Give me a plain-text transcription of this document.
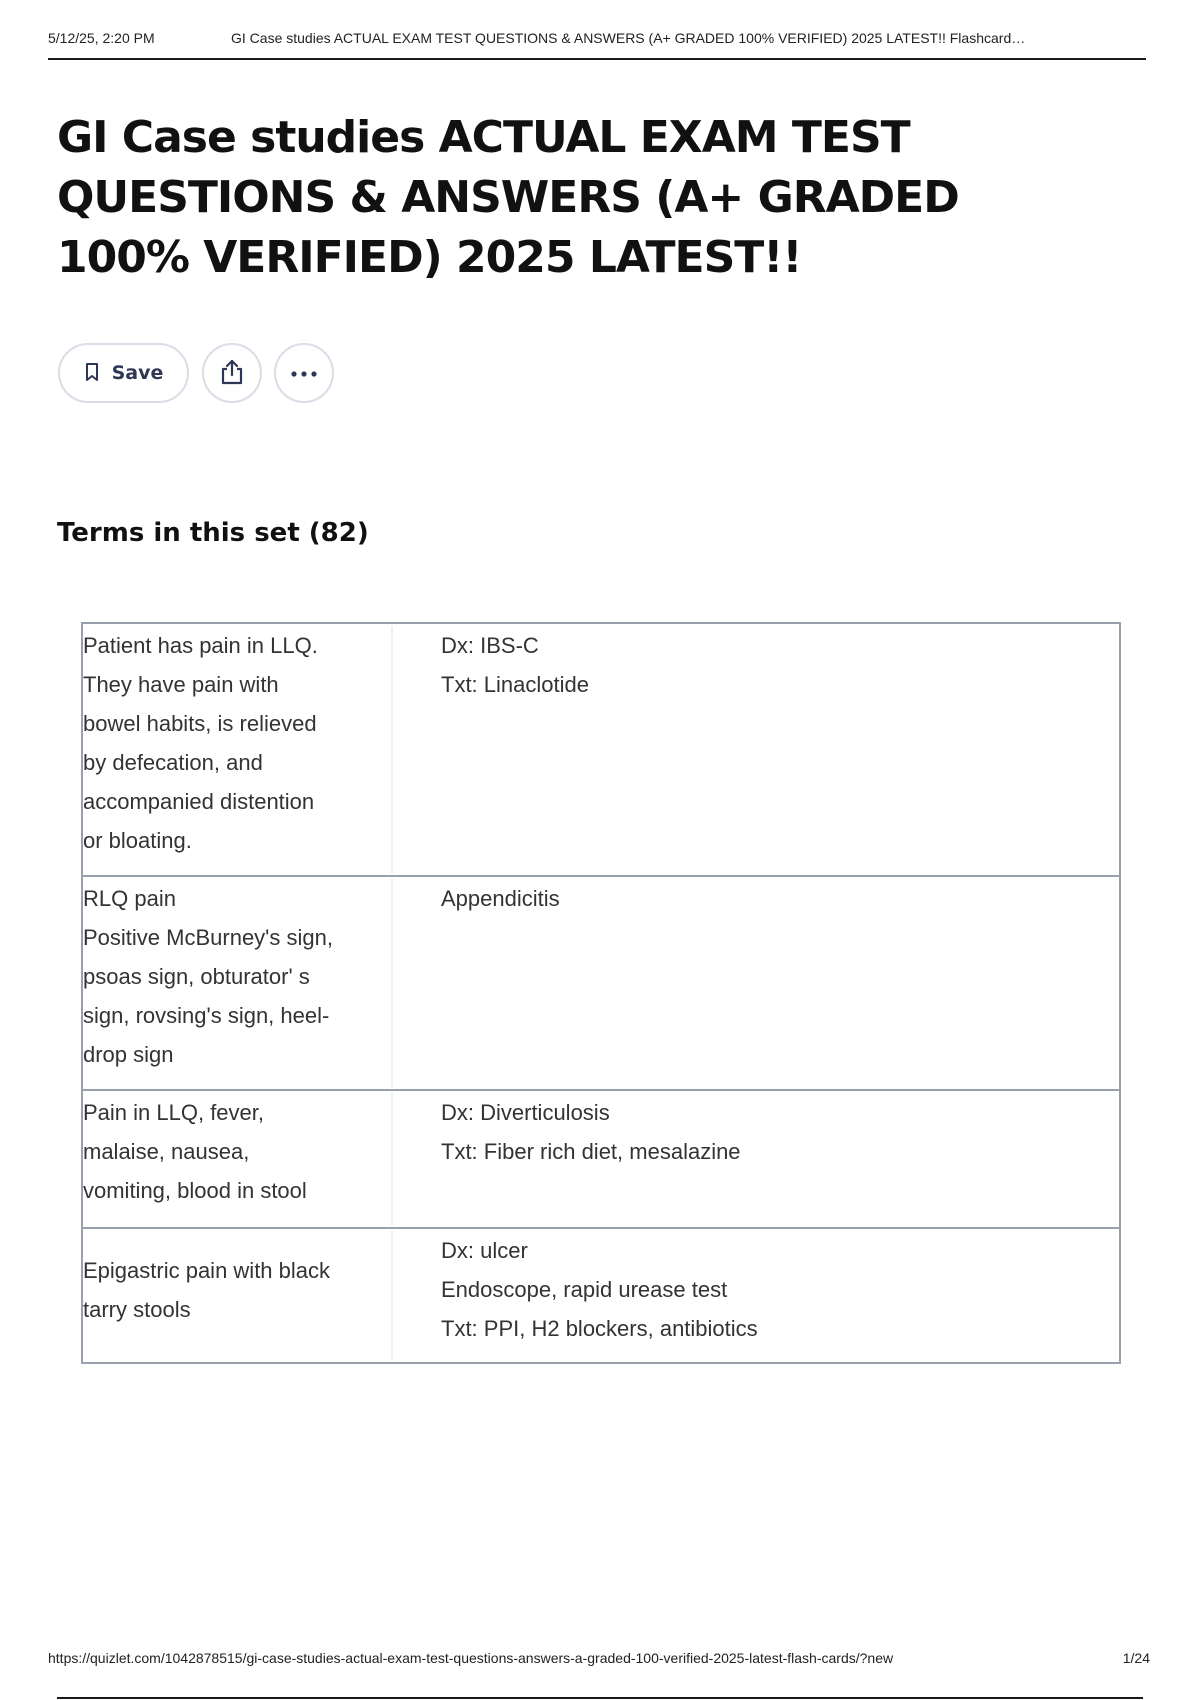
5/12/25, 2:20 PM	GI Case studies ACTUAL EXAM TEST QUESTIONS & ANSWERS (A+ GRADED 100% VERIFIED) 2025 LATEST!! Flashcard…
GI Case studies ACTUAL EXAM TEST QUESTIONS & ANSWERS (A+ GRADED 100% VERIFIED) 2025 LATEST!!
Save
Terms in this set (82)
Patient has pain in LLQ.
They have pain with
bowel habits, is relieved
by defecation, and
accompanied distention
or bloating.
Dx: IBS-C
Txt: Linaclotide
RLQ pain
Positive McBurney's sign,
psoas sign, obturator' s
sign, rovsing's sign, heel-
drop sign
Appendicitis
Pain in LLQ, fever,
malaise, nausea,
vomiting, blood in stool
Dx: Diverticulosis
Txt: Fiber rich diet, mesalazine
Epigastric pain with black
tarry stools
Dx: ulcer
Endoscope, rapid urease test
Txt: PPI, H2 blockers, antibiotics
https://quizlet.com/1042878515/gi-case-studies-actual-exam-test-questions-answers-a-graded-100-verified-2025-latest-flash-cards/?new	1/24
